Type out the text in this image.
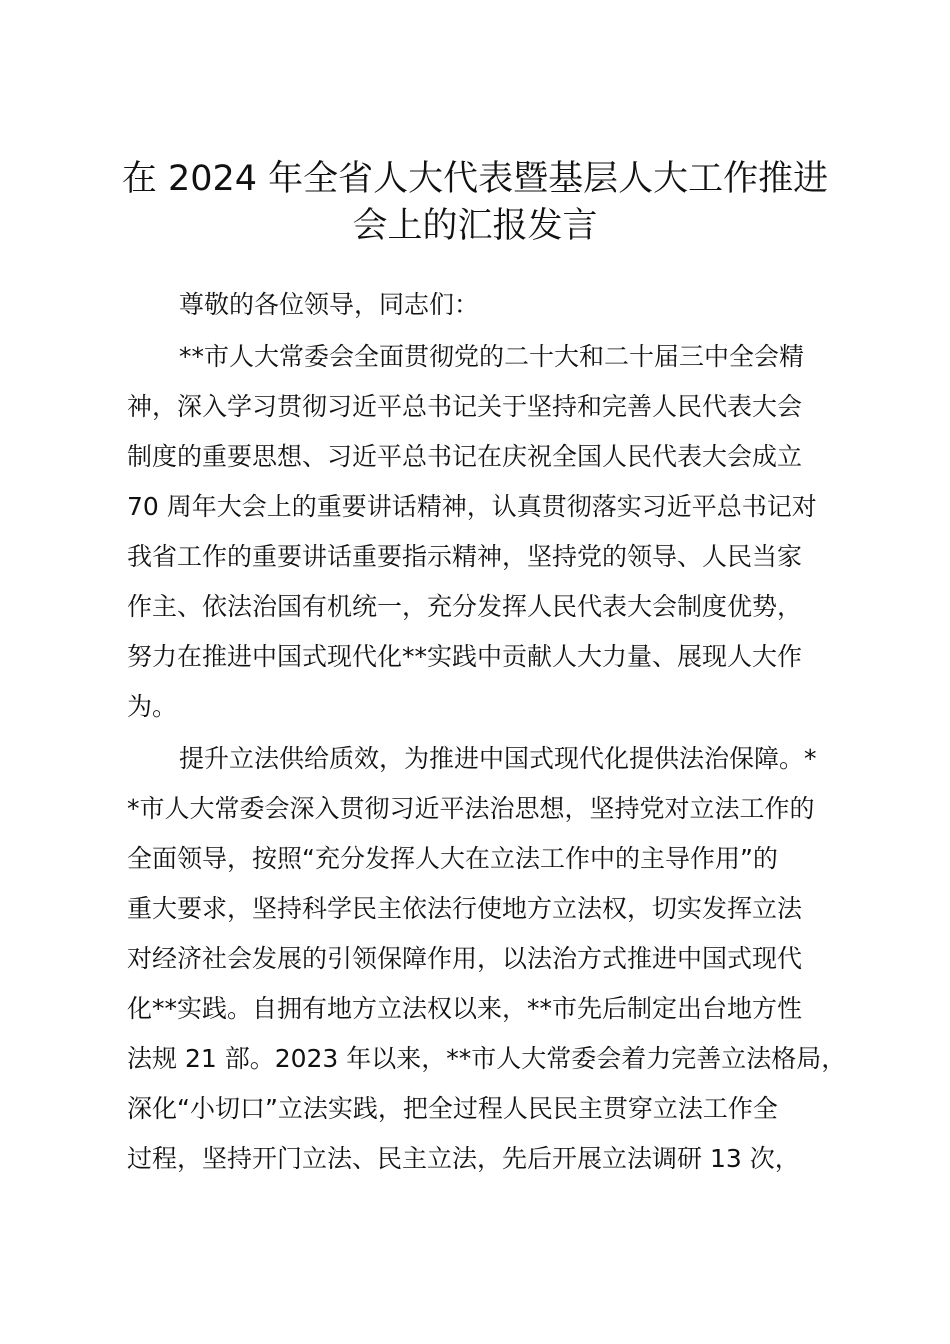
在 2024 年全省人大代表暨基层人大工作推进
会上的汇报发言

尊敬的各位领导，同志们：

**市人大常委会全面贯彻党的二十大和二十届三中全会精
神，深入学习贯彻习近平总书记关于坚持和完善人民代表大会
制度的重要思想、习近平总书记在庆祝全国人民代表大会成立
70 周年大会上的重要讲话精神，认真贯彻落实习近平总书记对
我省工作的重要讲话重要指示精神，坚持党的领导、人民当家
作主、依法治国有机统一，充分发挥人民代表大会制度优势，
努力在推进中国式现代化**实践中贡献人大力量、展现人大作
为。

提升立法供给质效，为推进中国式现代化提供法治保障。*
*市人大常委会深入贯彻习近平法治思想，坚持党对立法工作的
全面领导，按照“充分发挥人大在立法工作中的主导作用”的
重大要求，坚持科学民主依法行使地方立法权，切实发挥立法
对经济社会发展的引领保障作用，以法治方式推进中国式现代
化**实践。自拥有地方立法权以来，**市先后制定出台地方性
法规 21 部。2023 年以来，**市人大常委会着力完善立法格局，
深化“小切口”立法实践，把全过程人民民主贯穿立法工作全
过程，坚持开门立法、民主立法，先后开展立法调研 13 次，
